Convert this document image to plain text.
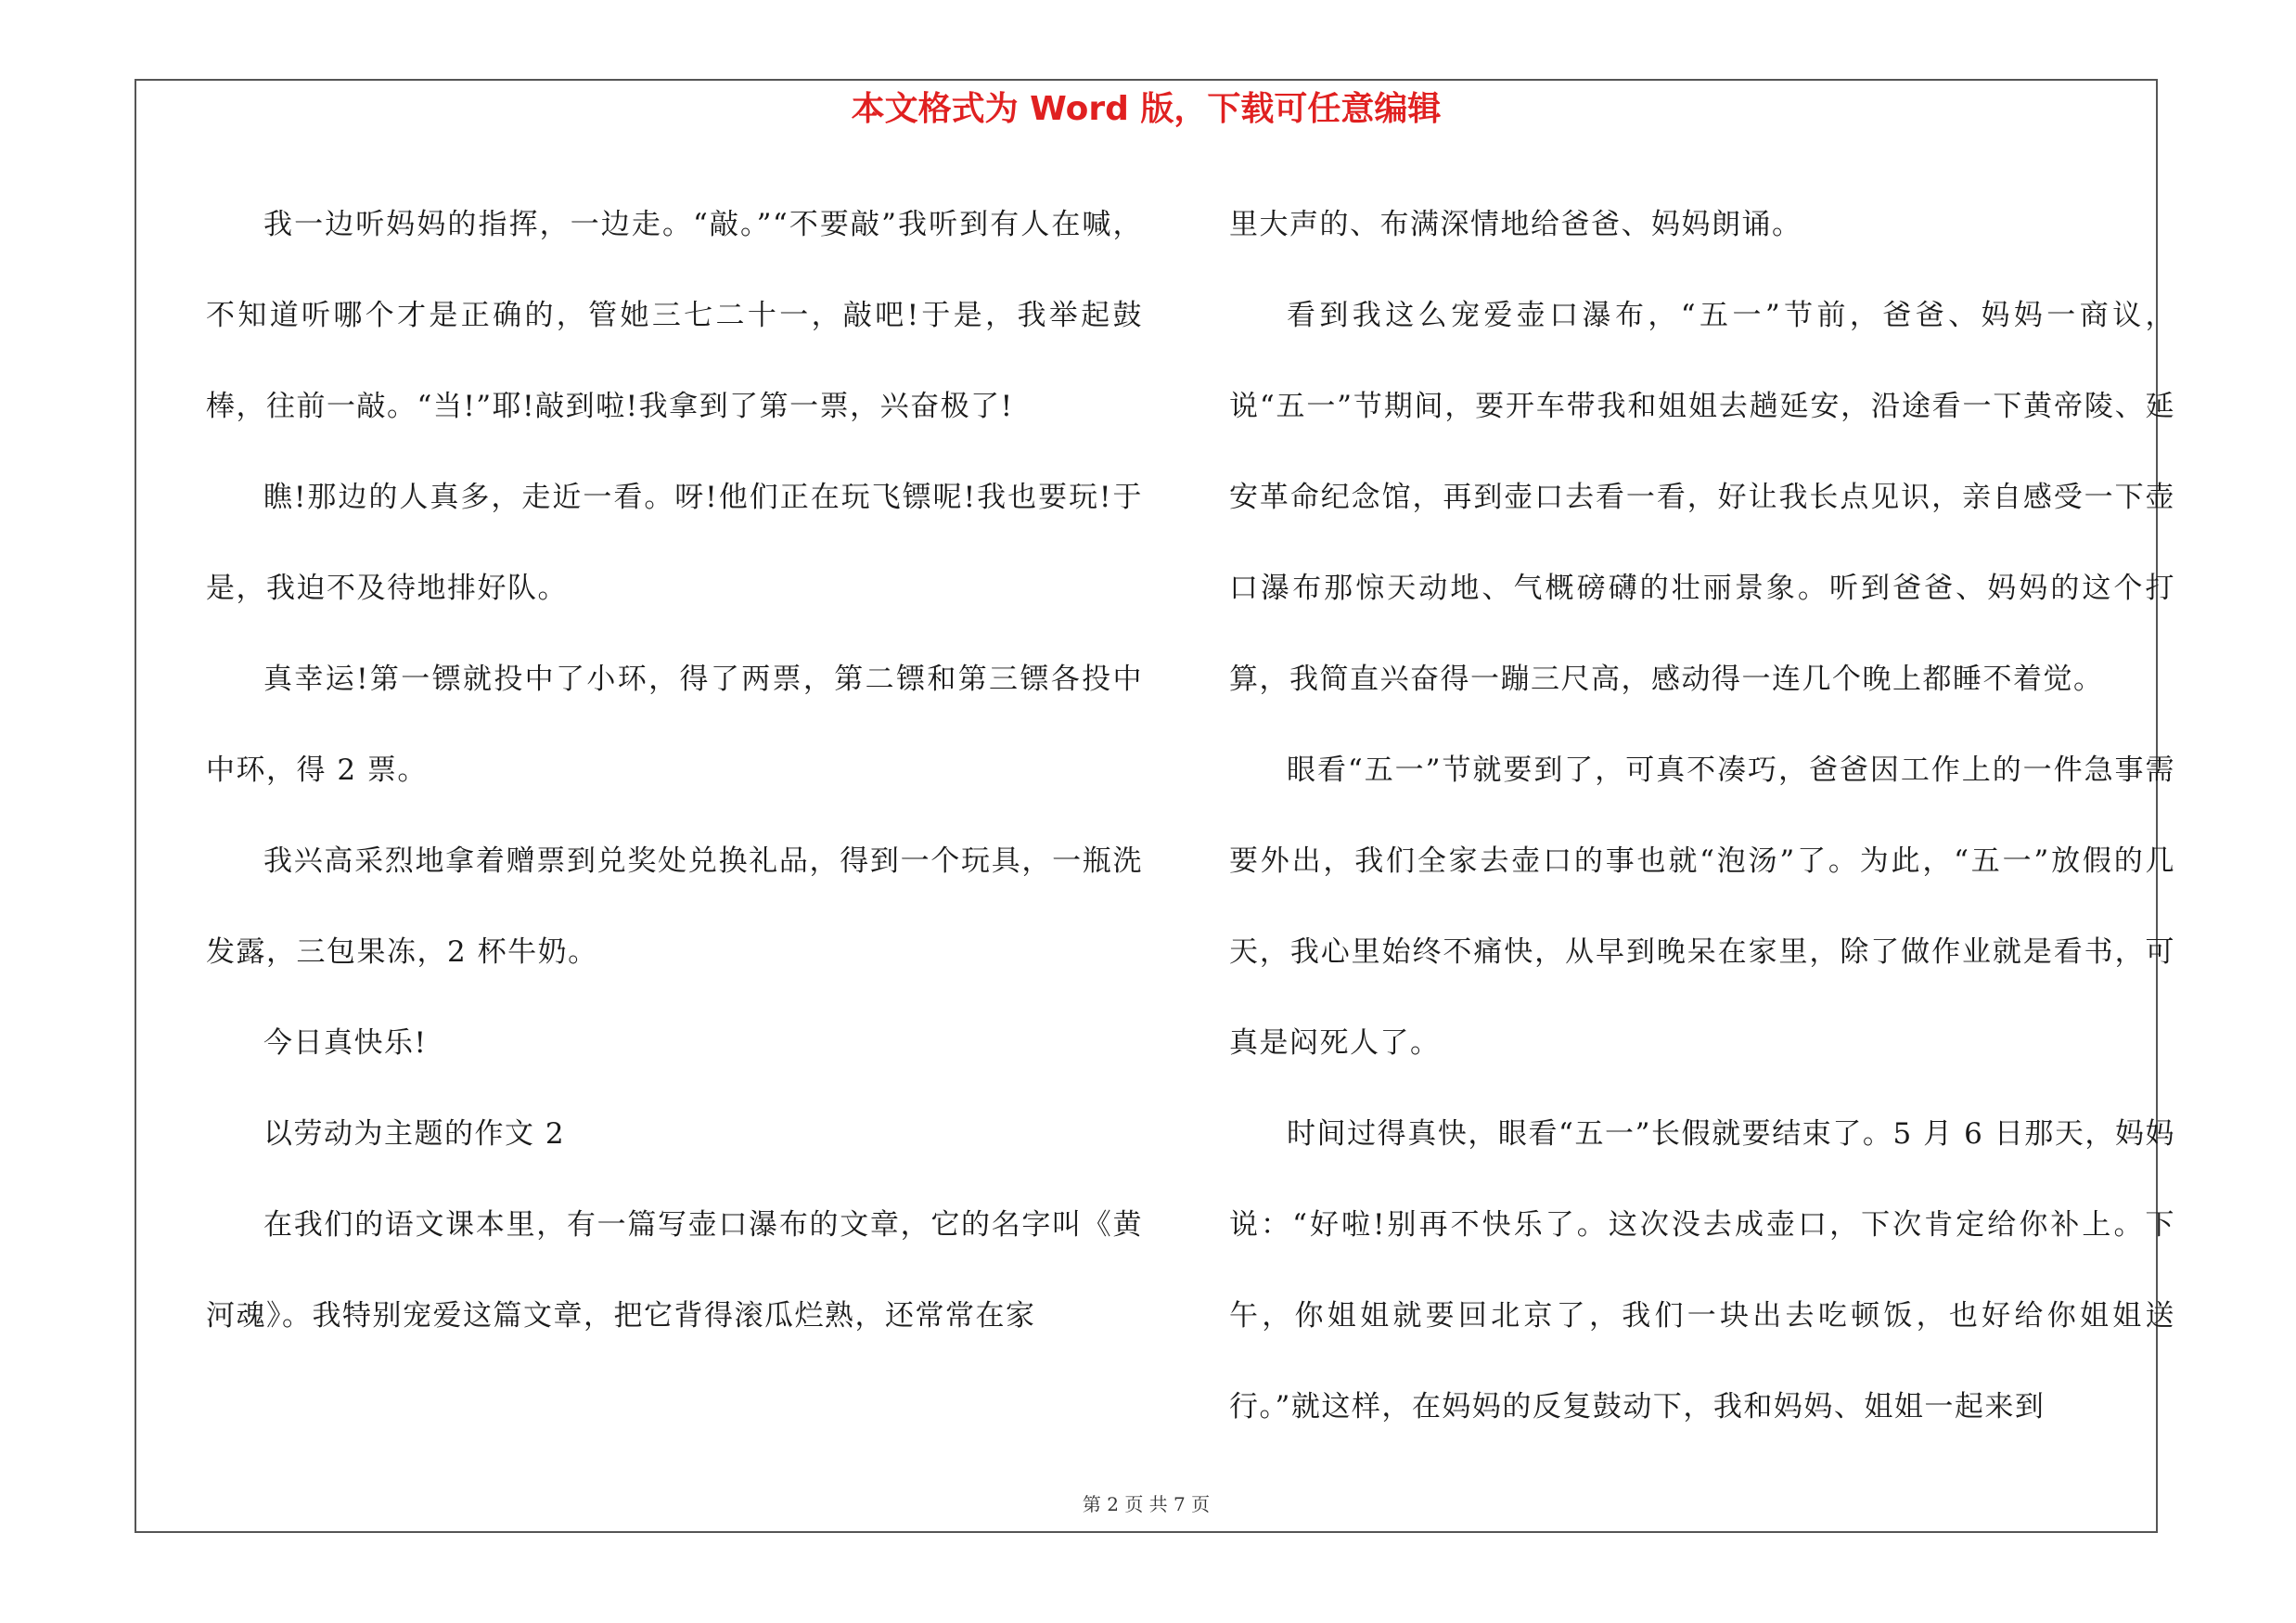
本文格式为 Word 版，下载可任意编辑

我一边听妈妈的指挥，一边走。“敲。”“不要敲”我听到有人在喊，不知道听哪个才是正确的，管她三七二十一，敲吧!于是，我举起鼓棒，往前一敲。“当!”耶!敲到啦!我拿到了第一票，兴奋极了!

瞧!那边的人真多，走近一看。呀!他们正在玩飞镖呢!我也要玩!于是，我迫不及待地排好队。

真幸运!第一镖就投中了小环，得了两票，第二镖和第三镖各投中中环，得 2 票。

我兴高采烈地拿着赠票到兑奖处兑换礼品，得到一个玩具，一瓶洗发露，三包果冻，2 杯牛奶。

今日真快乐!

以劳动为主题的作文 2

在我们的语文课本里，有一篇写壶口瀑布的文章，它的名字叫《黄河魂》。我特别宠爱这篇文章，把它背得滚瓜烂熟，还常常在家

里大声的、布满深情地给爸爸、妈妈朗诵。

看到我这么宠爱壶口瀑布，“五一”节前，爸爸、妈妈一商议，说“五一”节期间，要开车带我和姐姐去趟延安，沿途看一下黄帝陵、延安革命纪念馆，再到壶口去看一看，好让我长点见识，亲自感受一下壶口瀑布那惊天动地、气概磅礴的壮丽景象。听到爸爸、妈妈的这个打算，我简直兴奋得一蹦三尺高，感动得一连几个晚上都睡不着觉。

眼看“五一”节就要到了，可真不凑巧，爸爸因工作上的一件急事需要外出，我们全家去壶口的事也就“泡汤”了。为此，“五一”放假的几天，我心里始终不痛快，从早到晚呆在家里，除了做作业就是看书，可真是闷死人了。

时间过得真快，眼看“五一”长假就要结束了。5 月 6 日那天，妈妈说：“好啦!别再不快乐了。这次没去成壶口，下次肯定给你补上。下午，你姐姐就要回北京了，我们一块出去吃顿饭，也好给你姐姐送行。”就这样，在妈妈的反复鼓动下，我和妈妈、姐姐一起来到

第 2 页 共 7 页
